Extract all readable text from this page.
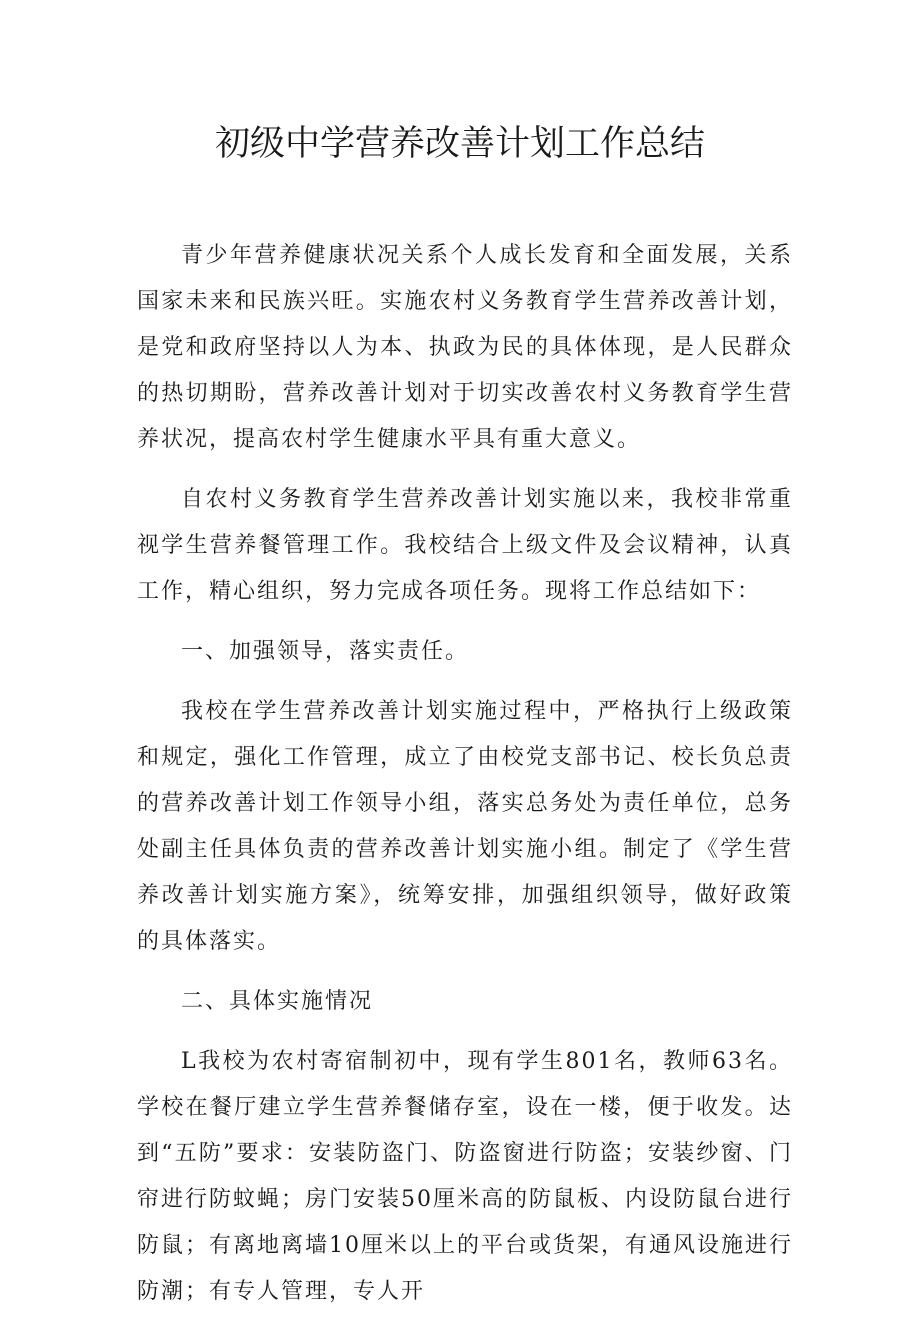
初级中学营养改善计划工作总结

青少年营养健康状况关系个人成长发育和全面发展，关系国家未来和民族兴旺。实施农村义务教育学生营养改善计划，是党和政府坚持以人为本、执政为民的具体体现，是人民群众的热切期盼，营养改善计划对于切实改善农村义务教育学生营养状况，提高农村学生健康水平具有重大意义。

自农村义务教育学生营养改善计划实施以来，我校非常重视学生营养餐管理工作。我校结合上级文件及会议精神，认真工作，精心组织，努力完成各项任务。现将工作总结如下：

一、加强领导，落实责任。

我校在学生营养改善计划实施过程中，严格执行上级政策和规定，强化工作管理，成立了由校党支部书记、校长负总责的营养改善计划工作领导小组，落实总务处为责任单位，总务处副主任具体负责的营养改善计划实施小组。制定了《学生营养改善计划实施方案》，统筹安排，加强组织领导，做好政策的具体落实。

二、具体实施情况

L我校为农村寄宿制初中，现有学生801名，教师63名。学校在餐厅建立学生营养餐储存室，设在一楼，便于收发。达到“五防”要求：安装防盗门、防盗窗进行防盗；安装纱窗、门帘进行防蚊蝇；房门安装50厘米高的防鼠板、内设防鼠台进行防鼠；有离地离墙10厘米以上的平台或货架，有通风设施进行防潮；有专人管理，专人开
